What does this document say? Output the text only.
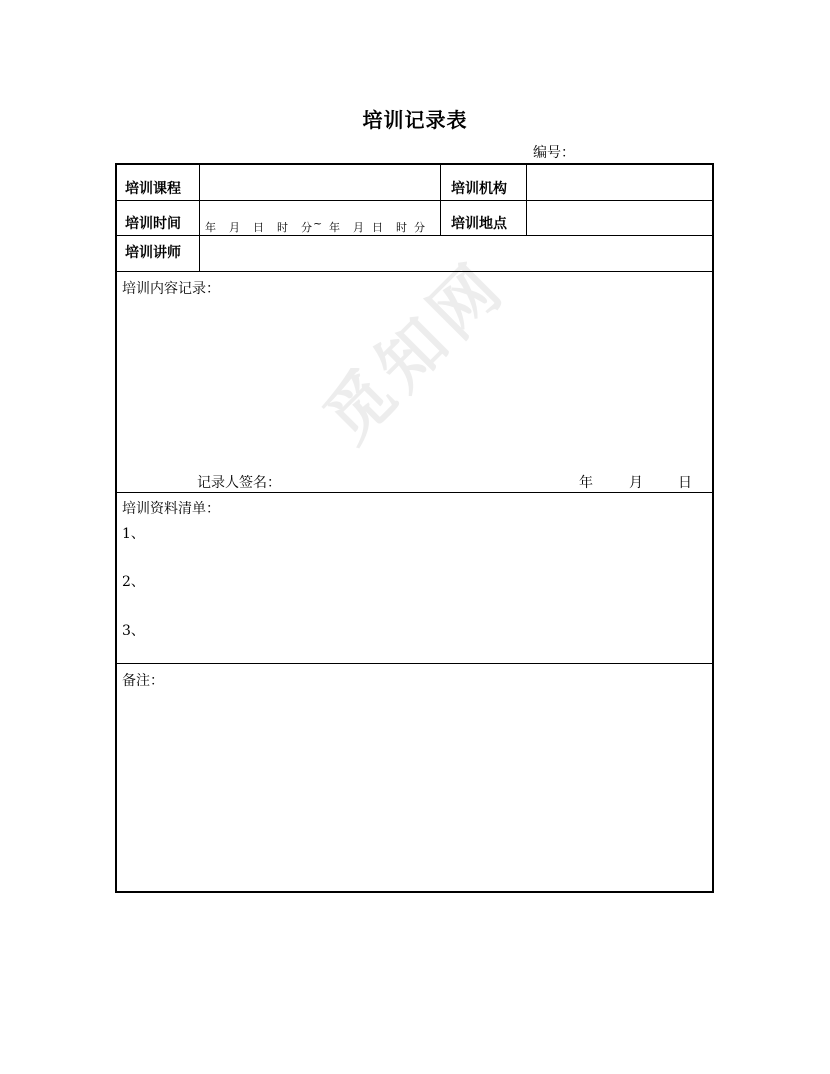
培训记录表
编号：
培训课程	培训机构
培训时间 年 月 日 时 分~ 年 月 日 时 分 培训地点
培训讲师
培训内容记录：
记录人签名：	年	月	日
培训资料清单：
1、
2、
3、
备注：
觅知网
